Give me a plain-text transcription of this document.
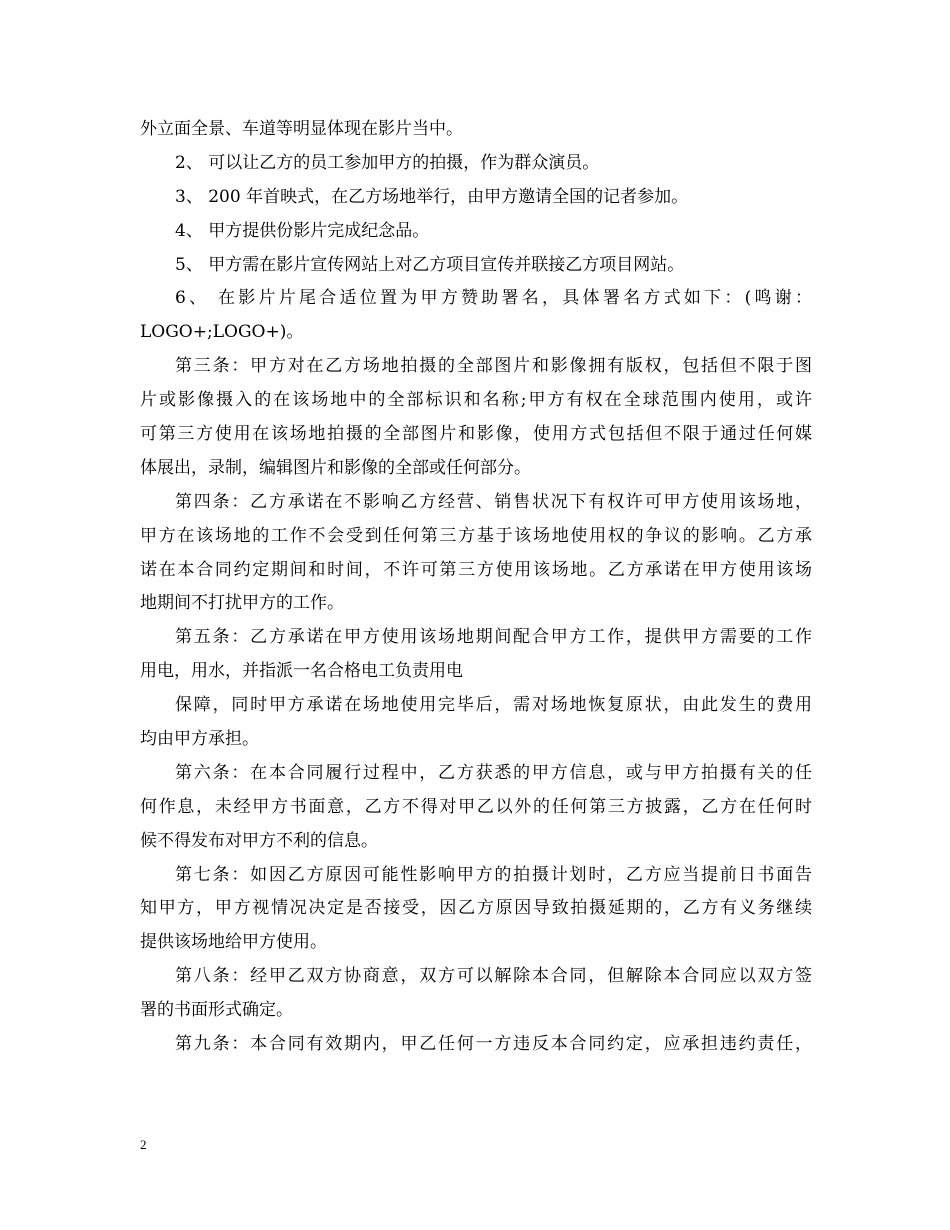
外立面全景、车道等明显体现在影片当中。
2、 可以让乙方的员工参加甲方的拍摄，作为群众演员。
3、 200 年首映式，在乙方场地举行，由甲方邀请全国的记者参加。
4、 甲方提供份影片完成纪念品。
5、 甲方需在影片宣传网站上对乙方项目宣传并联接乙方项目网站。
6、 在影片片尾合适位置为甲方赞助署名，具体署名方式如下：(鸣谢：
LOGO+;LOGO+)。
第三条：甲方对在乙方场地拍摄的全部图片和影像拥有版权，包括但不限于图
片或影像摄入的在该场地中的全部标识和名称;甲方有权在全球范围内使用，或许
可第三方使用在该场地拍摄的全部图片和影像，使用方式包括但不限于通过任何媒
体展出，录制，编辑图片和影像的全部或任何部分。
第四条：乙方承诺在不影响乙方经营、销售状况下有权许可甲方使用该场地，
甲方在该场地的工作不会受到任何第三方基于该场地使用权的争议的影响。乙方承
诺在本合同约定期间和时间，不许可第三方使用该场地。乙方承诺在甲方使用该场
地期间不打扰甲方的工作。
第五条：乙方承诺在甲方使用该场地期间配合甲方工作，提供甲方需要的工作
用电，用水，并指派一名合格电工负责用电
保障，同时甲方承诺在场地使用完毕后，需对场地恢复原状，由此发生的费用
均由甲方承担。
第六条：在本合同履行过程中，乙方获悉的甲方信息，或与甲方拍摄有关的任
何作息，未经甲方书面意，乙方不得对甲乙以外的任何第三方披露，乙方在任何时
候不得发布对甲方不利的信息。
第七条：如因乙方原因可能性影响甲方的拍摄计划时，乙方应当提前日书面告
知甲方，甲方视情况决定是否接受，因乙方原因导致拍摄延期的，乙方有义务继续
提供该场地给甲方使用。
第八条：经甲乙双方协商意，双方可以解除本合同，但解除本合同应以双方签
署的书面形式确定。
第九条：本合同有效期内，甲乙任何一方违反本合同约定，应承担违约责任，
2
